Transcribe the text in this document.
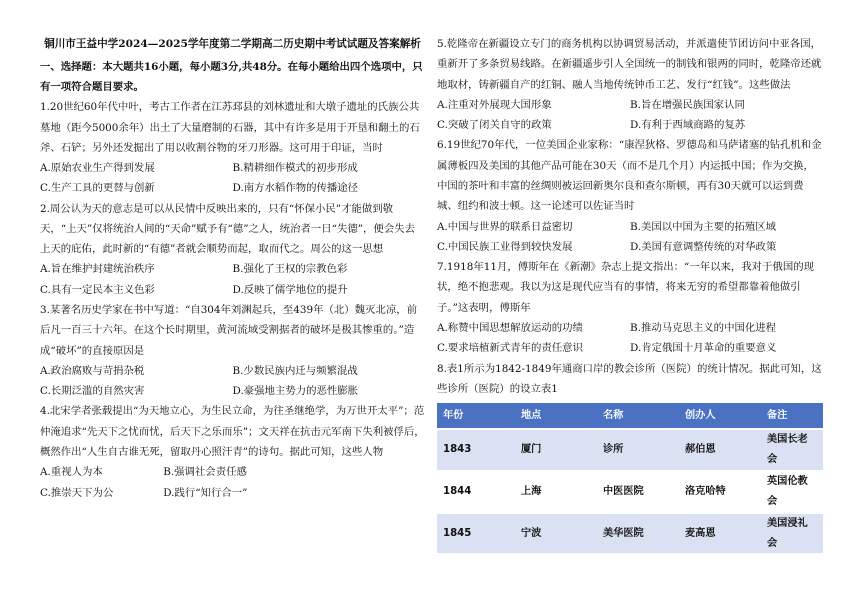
铜川市王益中学2024—2025学年度第二学期高二历史期中考试试题及答案解析

一、选择题：本大题共16小题，每小题3分,共48分。在每小题给出四个选项中，只有一项符合题目要求。

1.20世纪60年代中叶，考古工作者在江苏邳县的刘林遗址和大墩子遗址的氏族公共墓地（距今5000余年）出土了大量磨制的石器，其中有许多是用于开垦和翻土的石斧、石铲；另外还发掘出了用以收割谷物的牙刀形器。这可用于印证，当时

A.原始农业生产得到发展	B.精耕细作模式的初步形成
C.生产工具的更替与创新	D.南方水稻作物的传播途径

2.周公认为天的意志是可以从民情中反映出来的，只有“怀保小民”才能做到敬天，“上天”仅将统治人间的“天命”赋予有“德”之人，统治者一日“失德”，便会失去上天的庇佑，此时新的“有德”者就会顺势而起，取而代之。周公的这一思想

A.旨在维护封建统治秩序	B.强化了王权的宗教色彩
C.具有一定民本主义色彩	D.反映了儒学地位的提升

3.某著名历史学家在书中写道：“自304年刘渊起兵，至439年（北）魏灭北凉，前后凡一百三十六年。在这个长时期里，黄河流域受割据者的破坏是极其惨重的。”造成“破坏”的直接原因是

A.政治腐败与苛捐杂税	B.少数民族内迁与频繁混战
C.长期泛滥的自然灾害	D.豪强地主势力的恶性膨胀

4.北宋学者张载提出“为天地立心，为生民立命，为往圣继绝学，为万世开太平”；范仲淹追求“先天下之忧而忧，后天下之乐而乐”；文天祥在抗击元军南下失利被俘后，概然作出“人生自古谁无死，留取丹心照汗青”的诗句。据此可知，这些人物

A.重视人为本	B.强调社会责任感
C.推崇天下为公	D.践行“知行合一”

5.乾隆帝在新疆设立专门的商务机构以协调贸易活动，并派遣使节团访问中亚各国，重新开了多条贸易线路。在新疆遥步引人全国统一的制钱和银两的同时，乾隆帝还就地取材，铸新疆自产的红铜、融人当地传统钟币工艺、发行“红钱”。这些做法

A.注重对外展现大国形象	B.旨在增强民族国家认同
C.突破了闭关自守的政策	D.有利于西域商路的复苏

6.19世纪70年代，一位美国企业家称：“康涅狄格、罗德岛和马萨诸塞的钻孔机和金属薄板四及美国的其他产品可能在30天（而不是几个月）内运抵中国；作为交换，中国的茶叶和丰富的丝绸则被运回新奥尔良和查尔斯顿，再有30天就可以运到费城、纽约和波士顿。这一论述可以佐证当时

A.中国与世界的联系日益密切	B.美国以中国为主要的拓殖区域
C.中国民族工业得到较快发展	D.美国有意调整传统的对华政策

7.1918年11月，傅斯年在《新潮》杂志上提文指出：“一年以来，我对于俄国的现状，绝不抱悲观。我以为这是现代应当有的事情，将来无穷的希望都靠着他做引子。”这表明，傅斯年

A.称赞中国思想解放运动的功绩	B.推动马克思主义的中国化进程
C.要求培植新式青年的责任意识	D.肯定俄国十月革命的重要意义

8.表1所示为1842-1849年通商口岸的教会诊所（医院）的统计情况。据此可知，这些诊所（医院）的设立表1

年份	地点	名称	创办人	备注
1843	厦门	诊所	郝伯恩	美国长老会
1844	上海	中医医院	洛克哈特	英国伦教会
1845	宁波	美华医院	麦高恩	美国浸礼会
